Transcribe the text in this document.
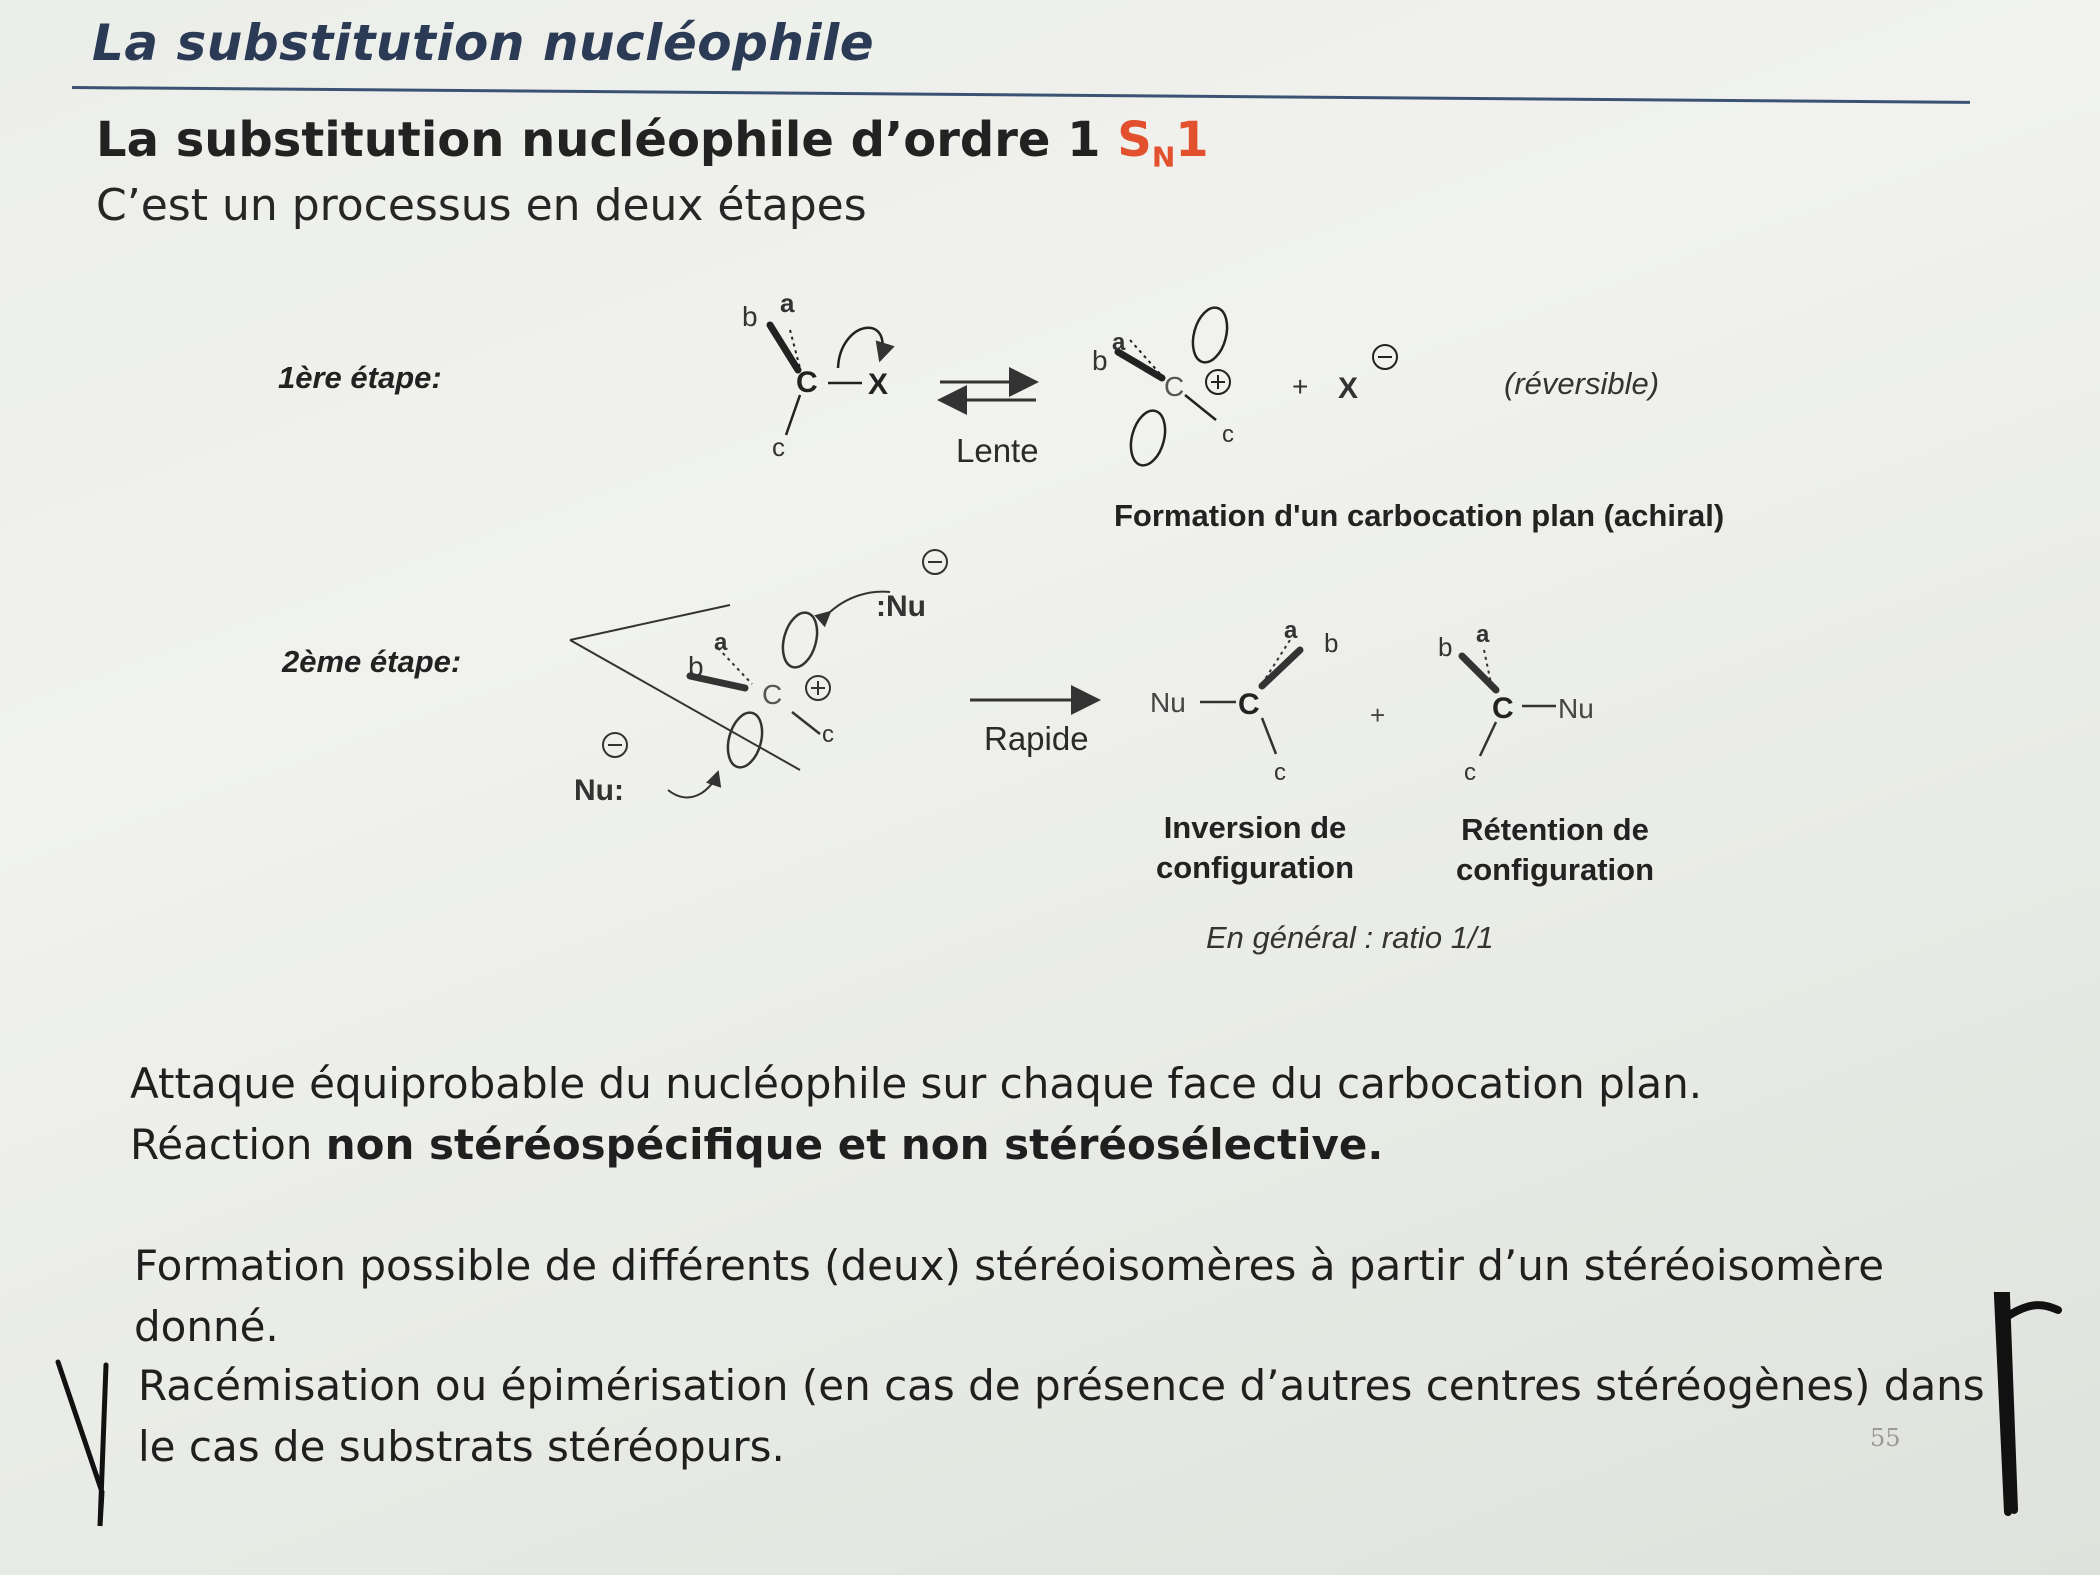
La substitution nucléophile
La substitution nucléophile d’ordre 1 $S_N1$
C’est un processus en deux étapes
b a
C X
c
b
a
C
c
+ X
b
a
C
c
:Nu
Nu:
Nu C
a b
c
+
b a
C Nu
c
1ère étape:
2ème étape:
Lente
Rapide
(réversible)
Formation d'un carbocation plan (achiral)
Inversion de
configuration
Rétention de
configuration
En général : ratio 1/1
Attaque équiprobable du nucléophile sur chaque face du carbocation plan.
Réaction non stéréospécifique et non stéréosélective.
Formation possible de différents (deux) stéréoisomères à partir d’un stéréoisomère
donné.
Racémisation ou épimérisation (en cas de présence d’autres centres stéréogènes) dans
le cas de substrats stéréopurs.	55
